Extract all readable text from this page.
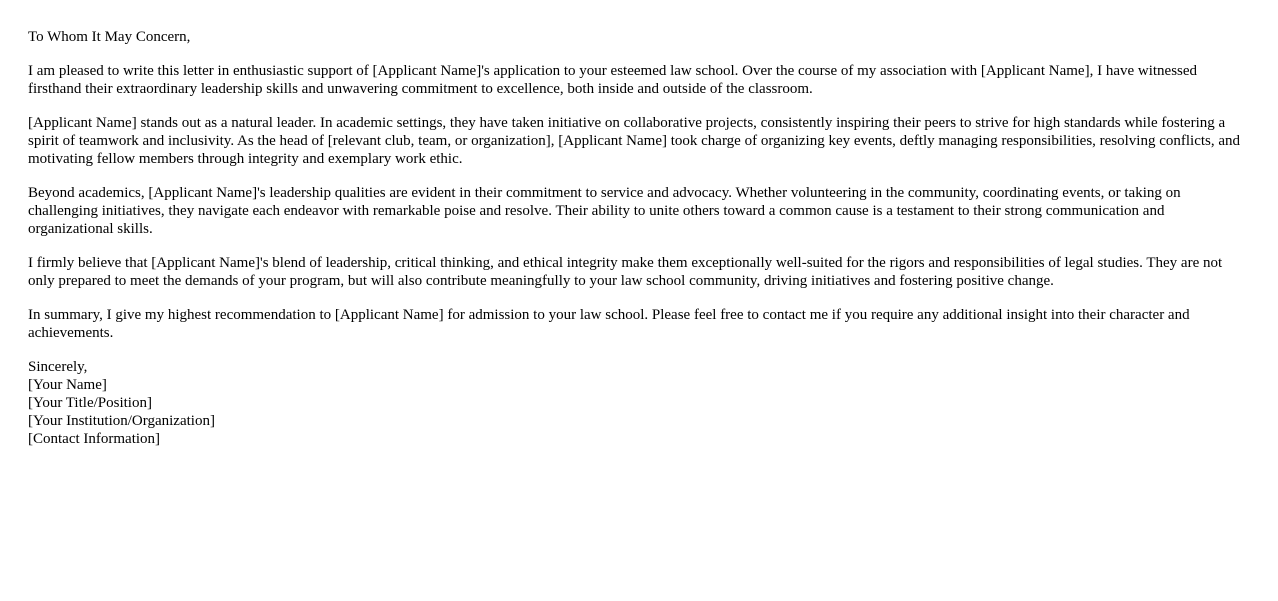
To Whom It May Concern,

I am pleased to write this letter in enthusiastic support of [Applicant Name]'s application to your esteemed law school. Over the course of my association with [Applicant Name], I have witnessed firsthand their extraordinary leadership skills and unwavering commitment to excellence, both inside and outside of the classroom.

[Applicant Name] stands out as a natural leader. In academic settings, they have taken initiative on collaborative projects, consistently inspiring their peers to strive for high standards while fostering a spirit of teamwork and inclusivity. As the head of [relevant club, team, or organization], [Applicant Name] took charge of organizing key events, deftly managing responsibilities, resolving conflicts, and motivating fellow members through integrity and exemplary work ethic.

Beyond academics, [Applicant Name]'s leadership qualities are evident in their commitment to service and advocacy. Whether volunteering in the community, coordinating events, or taking on challenging initiatives, they navigate each endeavor with remarkable poise and resolve. Their ability to unite others toward a common cause is a testament to their strong communication and organizational skills.

I firmly believe that [Applicant Name]'s blend of leadership, critical thinking, and ethical integrity make them exceptionally well-suited for the rigors and responsibilities of legal studies. They are not only prepared to meet the demands of your program, but will also contribute meaningfully to your law school community, driving initiatives and fostering positive change.

In summary, I give my highest recommendation to [Applicant Name] for admission to your law school. Please feel free to contact me if you require any additional insight into their character and achievements.

Sincerely,
[Your Name]
[Your Title/Position]
[Your Institution/Organization]
[Contact Information]
